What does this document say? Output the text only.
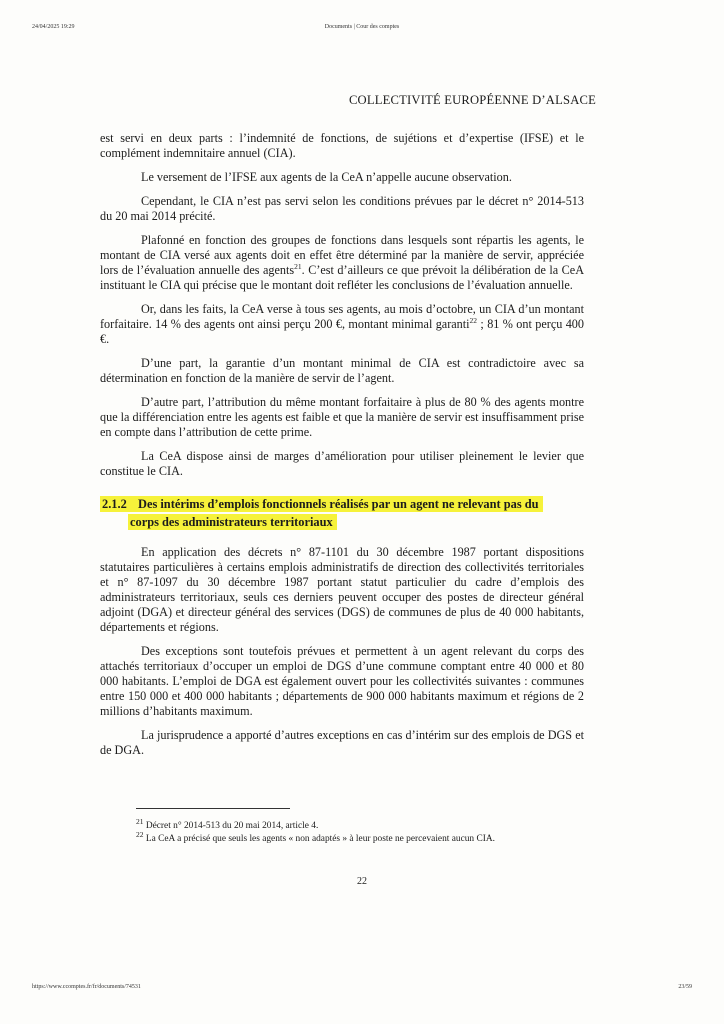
24/04/2025 19:29	Documents | Cour des comptes
COLLECTIVITÉ EUROPÉENNE D’ALSACE

est servi en deux parts : l’indemnité de fonctions, de sujétions et d’expertise (IFSE) et le complément indemnitaire annuel (CIA).

Le versement de l’IFSE aux agents de la CeA n’appelle aucune observation.

Cependant, le CIA n’est pas servi selon les conditions prévues par le décret n° 2014-513 du 20 mai 2014 précité.

Plafonné en fonction des groupes de fonctions dans lesquels sont répartis les agents, le montant de CIA versé aux agents doit en effet être déterminé par la manière de servir, appréciée lors de l’évaluation annuelle des agents$^{21}$. C’est d’ailleurs ce que prévoit la délibération de la CeA instituant le CIA qui précise que le montant doit refléter les conclusions de l’évaluation annuelle.

Or, dans les faits, la CeA verse à tous ses agents, au mois d’octobre, un CIA d’un montant forfaitaire. 14 % des agents ont ainsi perçu 200 €, montant minimal garanti$^{22}$ ; 81 % ont perçu 400 €.

D’une part, la garantie d’un montant minimal de CIA est contradictoire avec sa détermination en fonction de la manière de servir de l’agent.

D’autre part, l’attribution du même montant forfaitaire à plus de 80 % des agents montre que la différenciation entre les agents est faible et que la manière de servir est insuffisamment prise en compte dans l’attribution de cette prime.

La CeA dispose ainsi de marges d’amélioration pour utiliser pleinement le levier que constitue le CIA.

2.1.2 Des intérims d’emplois fonctionnels réalisés par un agent ne relevant pas du
corps des administrateurs territoriaux

En application des décrets n° 87-1101 du 30 décembre 1987 portant dispositions statutaires particulières à certains emplois administratifs de direction des collectivités territoriales et n° 87-1097 du 30 décembre 1987 portant statut particulier du cadre d’emplois des administrateurs territoriaux, seuls ces derniers peuvent occuper des postes de directeur général adjoint (DGA) et directeur général des services (DGS) de communes de plus de 40 000 habitants, départements et régions.

Des exceptions sont toutefois prévues et permettent à un agent relevant du corps des attachés territoriaux d’occuper un emploi de DGS d’une commune comptant entre 40 000 et 80 000 habitants. L’emploi de DGA est également ouvert pour les collectivités suivantes : communes entre 150 000 et 400 000 habitants ; départements de 900 000 habitants maximum et régions de 2 millions d’habitants maximum.

La jurisprudence a apporté d’autres exceptions en cas d’intérim sur des emplois de DGS et de DGA.

$^{21}$ Décret n° 2014-513 du 20 mai 2014, article 4.
$^{22}$ La CeA a précisé que seuls les agents « non adaptés » à leur poste ne percevaient aucun CIA.
22
https://www.ccomptes.fr/fr/documents/74531	23/59
